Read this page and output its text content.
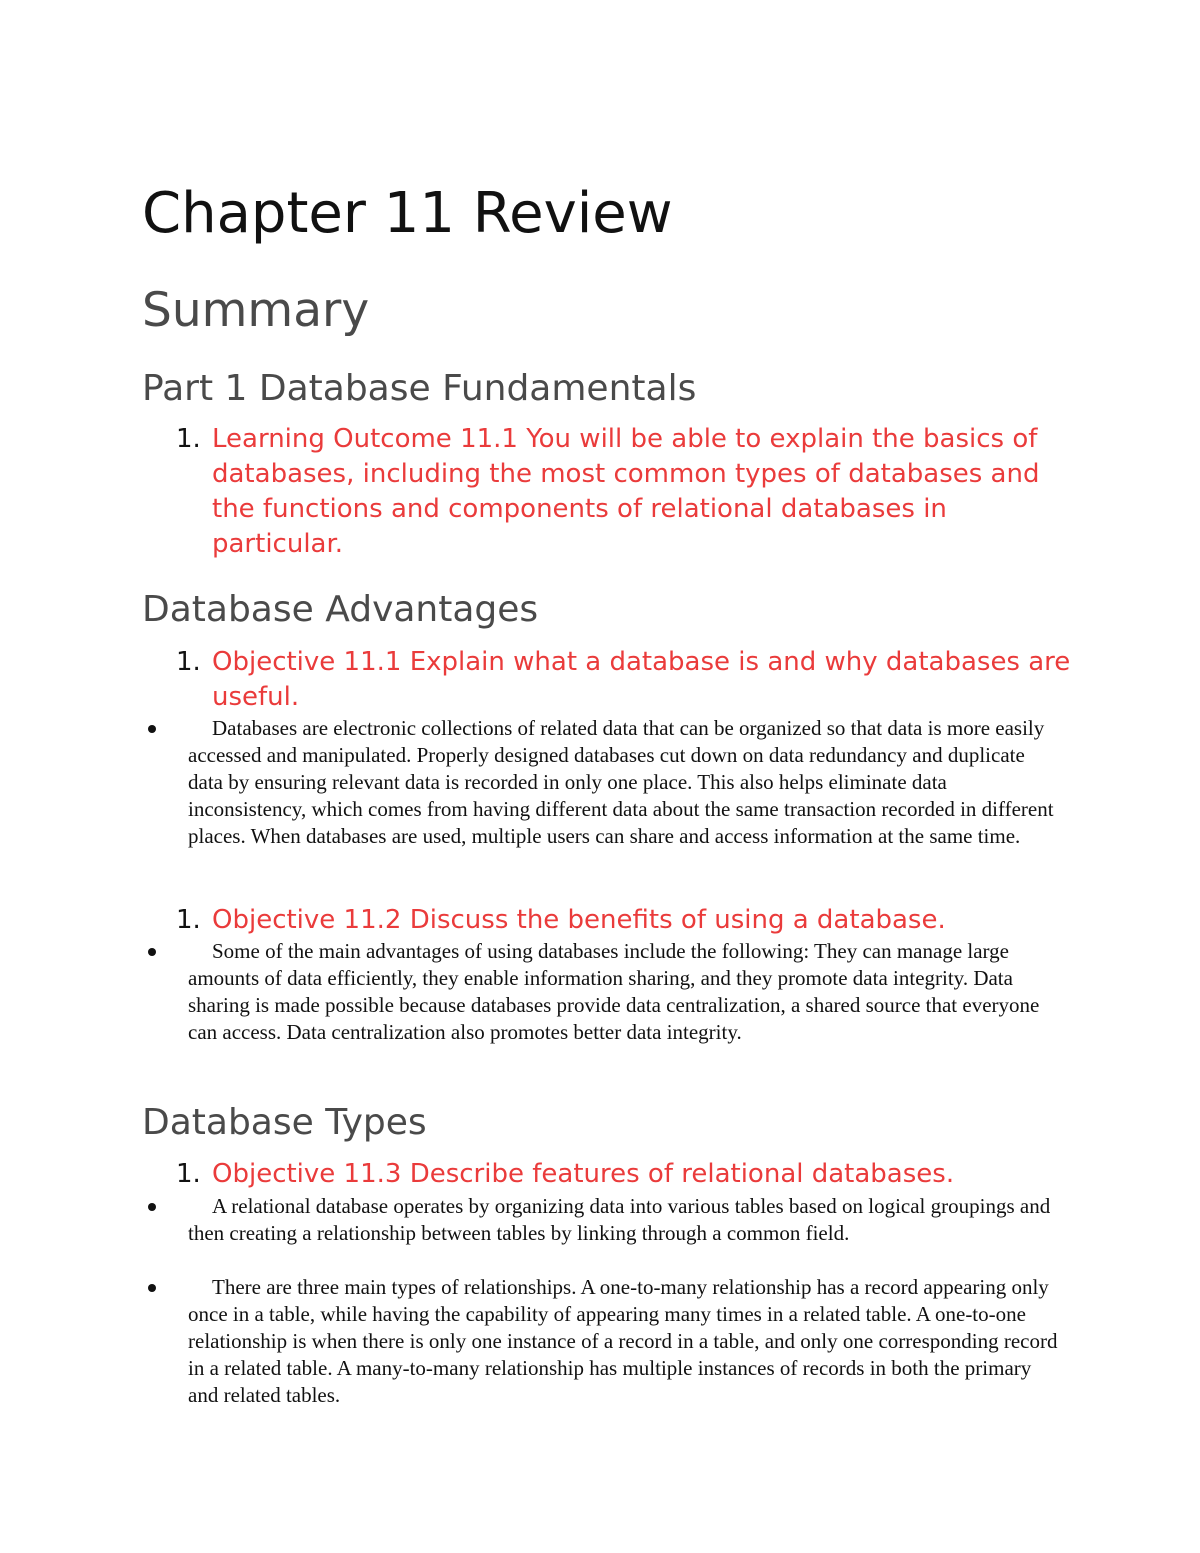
Chapter 11 Review
Summary
Part 1 Database Fundamentals
1. Learning Outcome 11.1 You will be able to explain the basics of databases, including the most common types of databases and the functions and components of relational databases in particular.
Database Advantages
1. Objective 11.1 Explain what a database is and why databases are useful.
Databases are electronic collections of related data that can be organized so that data is more easily accessed and manipulated. Properly designed databases cut down on data redundancy and duplicate data by ensuring relevant data is recorded in only one place. This also helps eliminate data inconsistency, which comes from having different data about the same transaction recorded in different places. When databases are used, multiple users can share and access information at the same time.
1. Objective 11.2 Discuss the benefits of using a database.
Some of the main advantages of using databases include the following: They can manage large amounts of data efficiently, they enable information sharing, and they promote data integrity. Data sharing is made possible because databases provide data centralization, a shared source that everyone can access. Data centralization also promotes better data integrity.
Database Types
1. Objective 11.3 Describe features of relational databases.
A relational database operates by organizing data into various tables based on logical groupings and then creating a relationship between tables by linking through a common field.
There are three main types of relationships. A one-to-many relationship has a record appearing only once in a table, while having the capability of appearing many times in a related table. A one-to-one relationship is when there is only one instance of a record in a table, and only one corresponding record in a related table. A many-to-many relationship has multiple instances of records in both the primary and related tables.
